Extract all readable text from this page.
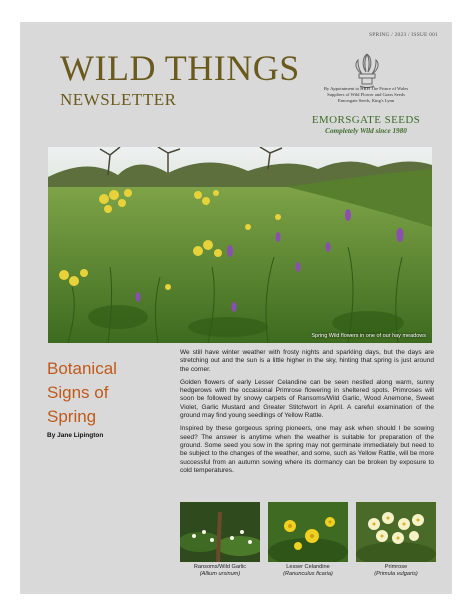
SPRING / 2023 / ISSUE 001
WILD THINGS
NEWSLETTER
By Appointment to HRH The Prince of Wales
Suppliers of Wild Flower and Grass Seeds
Emorsgate Seeds, King's Lynn
EMORSGATE SEEDS
Completely Wild since 1980
Spring Wild flowers in one of our hay meadows
Botanical
Signs of
Spring
By Jane Lipington

We still have winter weather with frosty nights and sparkling days, but the days are stretching out and the sun is a little higher in the sky, hinting that spring is just around the corner.

Golden flowers of early Lesser Celandine can be seen nestled along warm, sunny hedgerows with the occasional Primrose flowering in sheltered spots. Primroses will soon be followed by snowy carpets of Ransoms/Wild Garlic, Wood Anemone, Sweet Violet, Garlic Mustard and Greater Stitchwort in April. A careful examination of the ground may find young seedlings of Yellow Rattle.

Inspired by these gorgeous spring pioneers, one may ask when should I be sowing seed? The answer is anytime when the weather is suitable for preparation of the ground. Some seed you sow in the spring may not germinate immediately but need to be subject to the changes of the weather, and some, such as Yellow Rattle, will be more successful from an autumn sowing where its dormancy can be broken by exposure to cold temperatures.

Ransoms/Wild Garlic
(Allium ursinum)
Lesser Celandine
(Ranunculus ficaria)
Primrose
(Primula vulgaris)
